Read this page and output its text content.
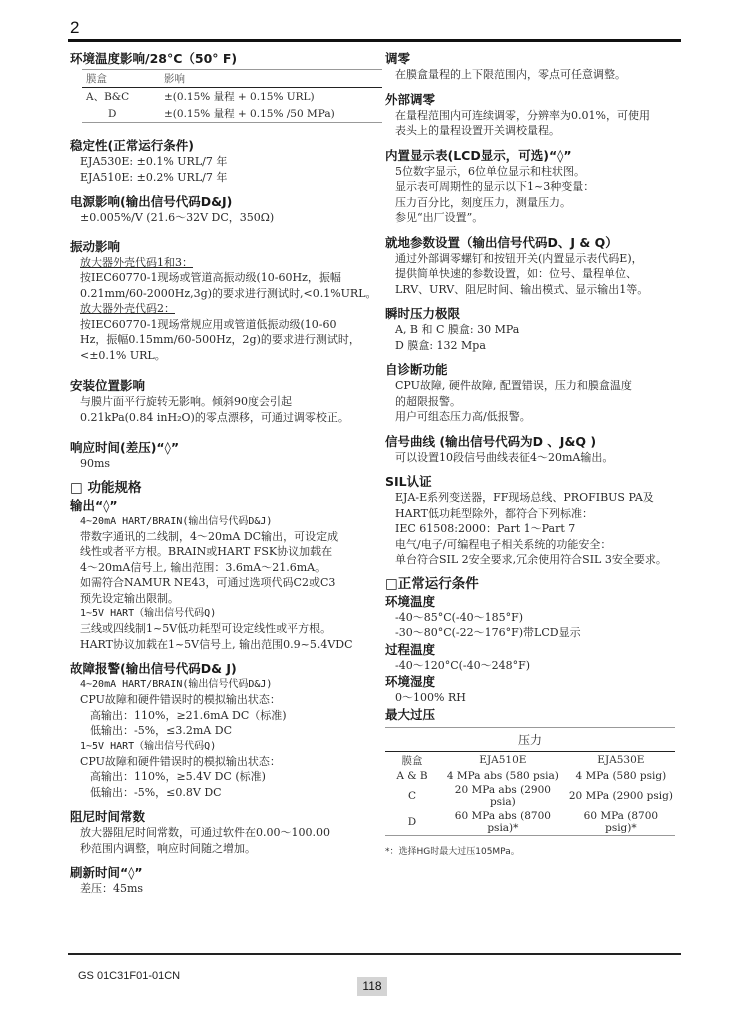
2

环境温度影响/28°C（50° F)

膜盒	影响
A、B&C	±(0.15% 量程 + 0.15% URL)
D	±(0.15% 量程 + 0.15% /50 MPa)

稳定性(正常运行条件)

EJA530E: ±0.1% URL/7 年

EJA510E: ±0.2% URL/7 年

电源影响(输出信号代码D&J)

±0.005%/V (21.6～32V DC，350Ω)

振动影响

放大器外壳代码1和3：

按IEC60770-1现场或管道高振动级(10-60Hz，振幅

0.21mm/60-2000Hz,3g)的要求进行测试时,<0.1%URL。

放大器外壳代码2：

按IEC60770-1现场常规应用或管道低振动级(10-60

Hz，振幅0.15mm/60-500Hz，2g)的要求进行测试时，

<±0.1% URL。

安装位置影响

与膜片面平行旋转无影响。倾斜90度会引起

0.21kPa(0.84 inH₂O)的零点漂移，可通过调零校正。

响应时间(差压)“◊”

90ms

□ 功能规格

输出“◊”

4~20mA HART/BRAIN(输出信号代码D&J)

带数字通讯的二线制，4～20mA DC输出，可设定成

线性或者平方根。BRAIN或HART FSK协议加载在

4～20mA信号上, 输出范围：3.6mA～21.6mA。

如需符合NAMUR NE43，可通过选项代码C2或C3

预先设定输出限制。

1~5V HART（输出信号代码Q)

三线或四线制1~5V低功耗型可设定线性或平方根。

HART协议加载在1~5V信号上, 输出范围0.9~5.4VDC

故障报警(输出信号代码D& J)

4~20mA HART/BRAIN(输出信号代码D&J)

CPU故障和硬件错误时的模拟输出状态：

高输出：110%，≥21.6mA DC（标准)

低输出：-5%，≤3.2mA DC

1~5V HART（输出信号代码Q)

CPU故障和硬件错误时的模拟输出状态：

高输出：110%，≥5.4V DC (标准)

低输出：-5%，≤0.8V DC

阻尼时间常数

放大器阻尼时间常数，可通过软件在0.00～100.00

秒范围内调整，响应时间随之增加。

刷新时间“◊”

差压：45ms

调零

在膜盒量程的上下限范围内，零点可任意调整。

外部调零

在量程范围内可连续调零，分辨率为0.01%，可使用

表头上的量程设置开关调校量程。

内置显示表(LCD显示，可选)“◊”

5位数字显示，6位单位显示和柱状图。

显示表可周期性的显示以下1~3种变量：

压力百分比，刻度压力，测量压力。

参见“出厂设置”。

就地参数设置（输出信号代码D、J & Q）

通过外部调零螺钉和按钮开关(内置显示表代码E)，

提供简单快速的参数设置，如：位号、量程单位、

LRV、URV、阻尼时间、输出模式、显示输出1等。

瞬时压力极限

A, B 和 C 膜盒: 30 MPa

D 膜盒: 132 Mpa

自诊断功能

CPU故障, 硬件故障, 配置错误，压力和膜盒温度

的超限报警。

用户可组态压力高/低报警。

信号曲线 (输出信号代码为D 、J&Q )

可以设置10段信号曲线表征4～20mA输出。

SIL认证

EJA-E系列变送器，FF现场总线、PROFIBUS PA及

HART低功耗型除外，都符合下列标准：

IEC 61508:2000：Part 1～Part 7

电气/电子/可编程电子相关系统的功能安全：

单台符合SIL 2安全要求,冗余使用符合SIL 3安全要求。

□正常运行条件

环境温度

-40～85°C(-40～185°F)

-30～80°C(-22～176°F)带LCD显示

过程温度

-40～120°C(-40～248°F)

环境湿度

0～100% RH

最大过压

压力		
膜盒	EJA510E	EJA530E
A & B	4 MPa abs (580 psia)	4 MPa (580 psig)
C	20 MPa abs (2900 psia)	20 MPa (2900 psig)
D	60 MPa abs (8700 psia)*	60 MPa (8700 psig)*
*：选择HG时最大过压105MPa。
GS 01C31F01-01CN
118
